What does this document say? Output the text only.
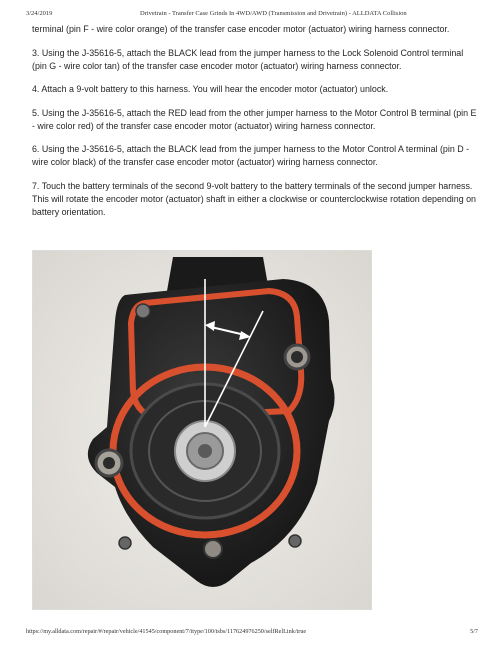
3/24/2019	Drivetrain - Transfer Case Grinds In 4WD/AWD (Transmission and Drivetrain) - ALLDATA Collision

terminal (pin F - wire color orange) of the transfer case encoder motor (actuator) wiring harness connector.

3. Using the J-35616-5, attach the BLACK lead from the jumper harness to the Lock Solenoid Control terminal (pin G - wire color tan) of the transfer case encoder motor (actuator) wiring harness connector.

4. Attach a 9-volt battery to this harness. You will hear the encoder motor (actuator) unlock.

5. Using the J-35616-5, attach the RED lead from the other jumper harness to the Motor Control B terminal (pin E - wire color red) of the transfer case encoder motor (actuator) wiring harness connector.

6. Using the J-35616-5, attach the BLACK lead from the jumper harness to the Motor Control A terminal (pin D - wire color black) of the transfer case encoder motor (actuator) wiring harness connector.

7. Touch the battery terminals of the second 9-volt battery to the battery terminals of the second jumper harness. This will rotate the encoder motor (actuator) shaft in either a clockwise or counterclockwise rotation depending on battery orientation.

https://my.alldata.com/repair/#/repair/vehicle/41545/component/7/itype/100/tsbs/117624976250/selfRelLink/true	5/7
